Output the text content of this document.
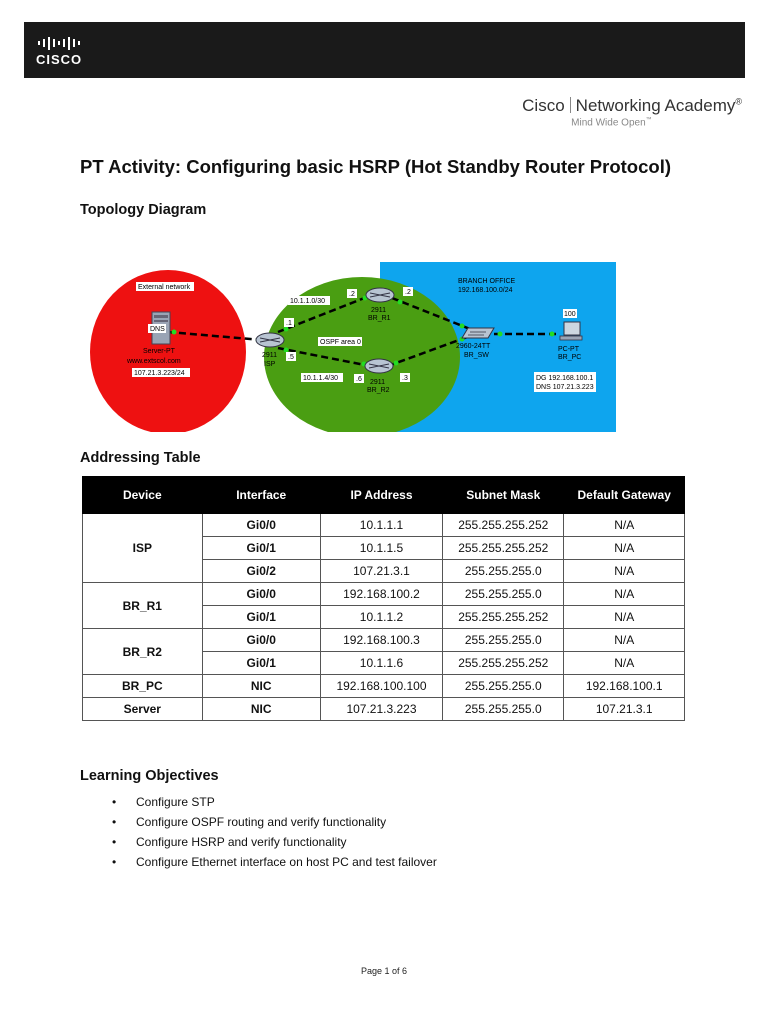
CISCO
Cisco Networking Academy®
Mind Wide Open™
PT Activity: Configuring basic HSRP (Hot Standby Router Protocol)
Topology Diagram
External network
DNS
Server-PT
www.extscol.com
107.21.3.223/24
2911
ISP
10.1.1.0/30
10.1.1.4/30
OSPF area 0
.1
.5
.2	.2
.6	.3
2911
BR_R1
2911
BR_R2
BRANCH OFFICE
192.168.100.0/24
2960-24TT
BR_SW
100
PC-PT
BR_PC
DG 192.168.100.1
DNS 107.21.3.223
Addressing Table
Device	Interface	IP Address	Subnet Mask	Default Gateway
ISP	Gi0/0	10.1.1.1	255.255.255.252	N/A
	Gi0/1	10.1.1.5	255.255.255.252	N/A
	Gi0/2	107.21.3.1	255.255.255.0	N/A
BR_R1	Gi0/0	192.168.100.2	255.255.255.0	N/A
	Gi0/1	10.1.1.2	255.255.255.252	N/A
BR_R2	Gi0/0	192.168.100.3	255.255.255.0	N/A
	Gi0/1	10.1.1.6	255.255.255.252	N/A
BR_PC	NIC	192.168.100.100	255.255.255.0	192.168.100.1
Server	NIC	107.21.3.223	255.255.255.0	107.21.3.1
Learning Objectives
• Configure STP
• Configure OSPF routing and verify functionality
• Configure HSRP and verify functionality
• Configure Ethernet interface on host PC and test failover
Page 1 of 6
